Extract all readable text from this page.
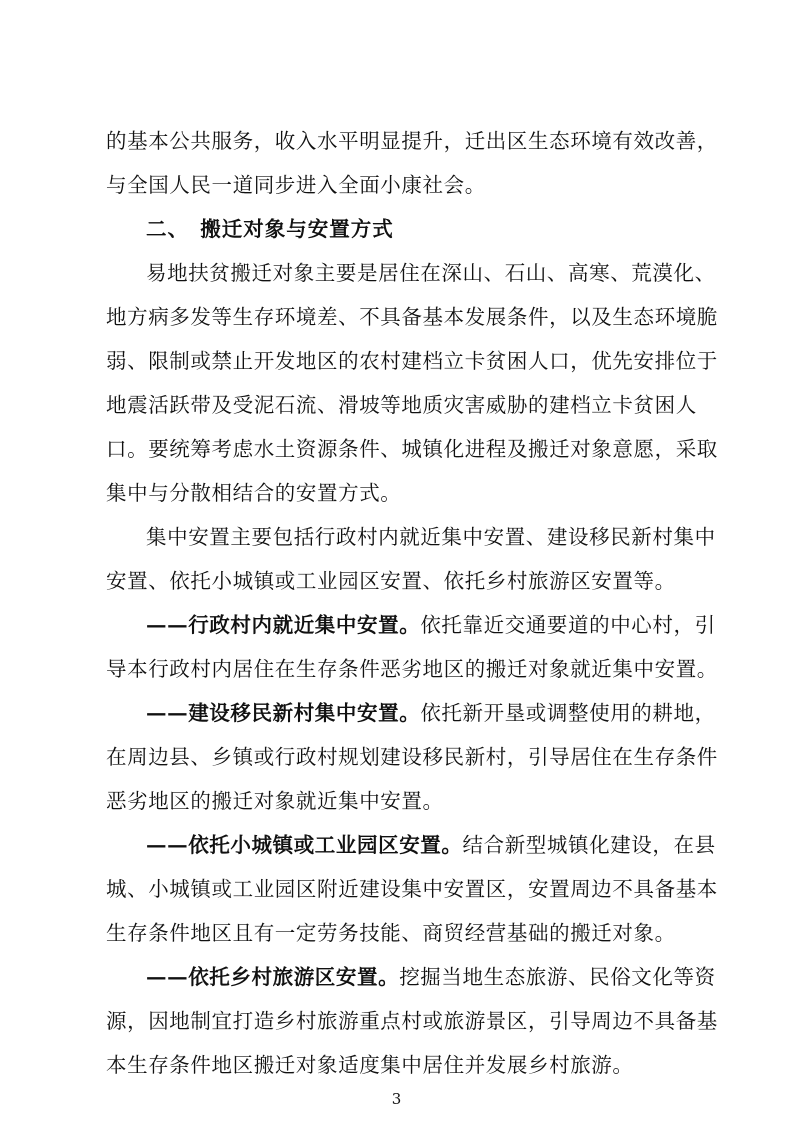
的基本公共服务，收入水平明显提升，迁出区生态环境有效改善，
与全国人民一道同步进入全面小康社会。
二、　搬迁对象与安置方式
易地扶贫搬迁对象主要是居住在深山、石山、高寒、荒漠化、
地方病多发等生存环境差、不具备基本发展条件，以及生态环境脆
弱、限制或禁止开发地区的农村建档立卡贫困人口，优先安排位于
地震活跃带及受泥石流、滑坡等地质灾害威胁的建档立卡贫困人
口。要统筹考虑水土资源条件、城镇化进程及搬迁对象意愿，采取
集中与分散相结合的安置方式。
集中安置主要包括行政村内就近集中安置、建设移民新村集中
安置、依托小城镇或工业园区安置、依托乡村旅游区安置等。
——行政村内就近集中安置。依托靠近交通要道的中心村，引
导本行政村内居住在生存条件恶劣地区的搬迁对象就近集中安置。
——建设移民新村集中安置。依托新开垦或调整使用的耕地，
在周边县、乡镇或行政村规划建设移民新村，引导居住在生存条件
恶劣地区的搬迁对象就近集中安置。
——依托小城镇或工业园区安置。结合新型城镇化建设，在县
城、小城镇或工业园区附近建设集中安置区，安置周边不具备基本
生存条件地区且有一定劳务技能、商贸经营基础的搬迁对象。
——依托乡村旅游区安置。挖掘当地生态旅游、民俗文化等资
源，因地制宜打造乡村旅游重点村或旅游景区，引导周边不具备基
本生存条件地区搬迁对象适度集中居住并发展乡村旅游。
3
